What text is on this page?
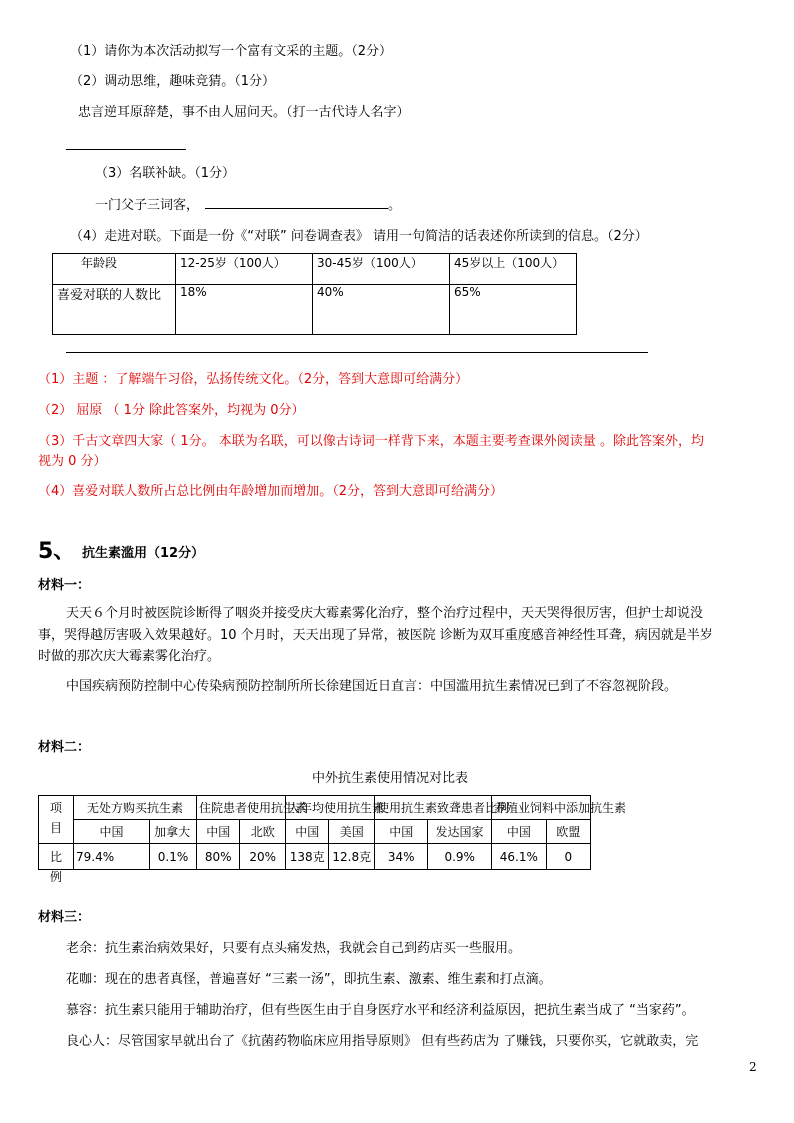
（1）请你为本次活动拟写一个富有文采的主题。（2分）
（2）调动思维，趣味竞猜。（1分）
忠言逆耳原辞楚，事不由人屈问天。（打一古代诗人名字）
（3）名联补缺。（1分）
一门父子三词客，	。
（4）走进对联。下面是一份《“对联” 问卷调查表》 请用一句简洁的话表述你所读到的信息。（2分）
年龄段	12-25岁（100人）	30-45岁（100人）	45岁以上（100人）
喜爱对联的人数比	18%	40%	65%
（1）主题 ：了解端午习俗，弘扬传统文化。（2分，答到大意即可给满分）
（2） 屈原 （ 1分 除此答案外，均视为 0分）
（3）千古文章四大家（ 1分。 本联为名联，可以像古诗词一样背下来，本题主要考查课外阅读量 。除此答案外，均
视为 0 分）
（4）喜爱对联人数所占总比例由年龄增加而增加。（2分，答到大意即可给满分）
5、 抗生素滥用（12分）
材料一：
天天６个月时被医院诊断得了咽炎并接受庆大霉素雾化治疗，整个治疗过程中，天天哭得很厉害，但护士却说没
事，哭得越厉害吸入效果越好。10 个月时，天天出现了异常，被医院 诊断为双耳重度感音神经性耳聋，病因就是半岁
时做的那次庆大霉素雾化治疗。
中国疾病预防控制中心传染病预防控制所所长徐建国近日直言：中国滥用抗生素情况已到了不容忽视阶段。
材料二：
中外抗生素使用情况对比表
项目	无处方购买抗生素		住院患者使用抗生素		人年均使用抗生素		使用抗生素致聋患者比例		养殖业饲料中添加抗生素	

	中国	加拿大	中国	北欧	中国	美国	中国	发达国家	中国	欧盟

比例	79.4%	0.1%	80%	20%	138克	12.8克	34%	0.9%	46.1%	0
材料三：
老余：抗生素治病效果好，只要有点头痛发热，我就会自己到药店买一些服用。
花咖：现在的患者真怪，普遍喜好 “三素一汤”，即抗生素、激素、维生素和打点滴。
慕容：抗生素只能用于辅助治疗，但有些医生由于自身医疗水平和经济利益原因，把抗生素当成了 “当家药”。
良心人：尽管国家早就出台了《抗菌药物临床应用指导原则》 但有些药店为 了赚钱，只要你买，它就敢卖，完
2
